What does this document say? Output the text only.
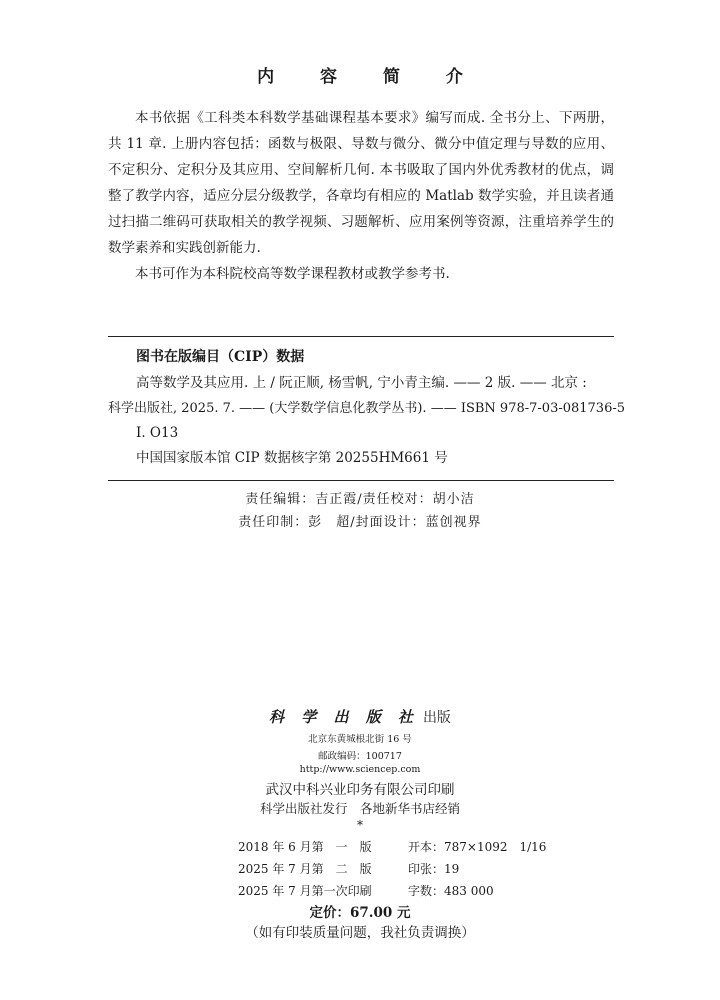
内 容 简 介

本书依据《工科类本科数学基础课程基本要求》编写而成. 全书分上、下两册，共 11 章. 上册内容包括：函数与极限、导数与微分、微分中值定理与导数的应用、不定积分、定积分及其应用、空间解析几何. 本书吸取了国内外优秀教材的优点，调整了教学内容，适应分层分级教学，各章均有相应的 Matlab 数学实验，并且读者通过扫描二维码可获取相关的教学视频、习题解析、应用案例等资源，注重培养学生的数学素养和实践创新能力.

本书可作为本科院校高等数学课程教材或教学参考书.

图书在版编目（CIP）数据
高等数学及其应用. 上 / 阮正顺, 杨雪帆, 宁小青主编. —— 2 版. —— 北京 :
科学出版社, 2025. 7. —— (大学数学信息化教学丛书). —— ISBN 978-7-03-081736-5
I. O13
中国国家版本馆 CIP 数据核字第 20255HM661 号
责任编辑：吉正霞/责任校对：胡小洁
责任印制：彭　超/封面设计：蓝创视界
科 学 出 版 社 出版
北京东黄城根北街 16 号
邮政编码：100717
http://www.sciencep.com
武汉中科兴业印务有限公司印刷
科学出版社发行　各地新华书店经销
*
2018 年 6 月第　一　版	开本：787×1092　1/16
2025 年 7 月第　二　版	印张：19
2025 年 7 月第一次印刷	字数：483 000
定价：67.00 元
（如有印装质量问题，我社负责调换）
